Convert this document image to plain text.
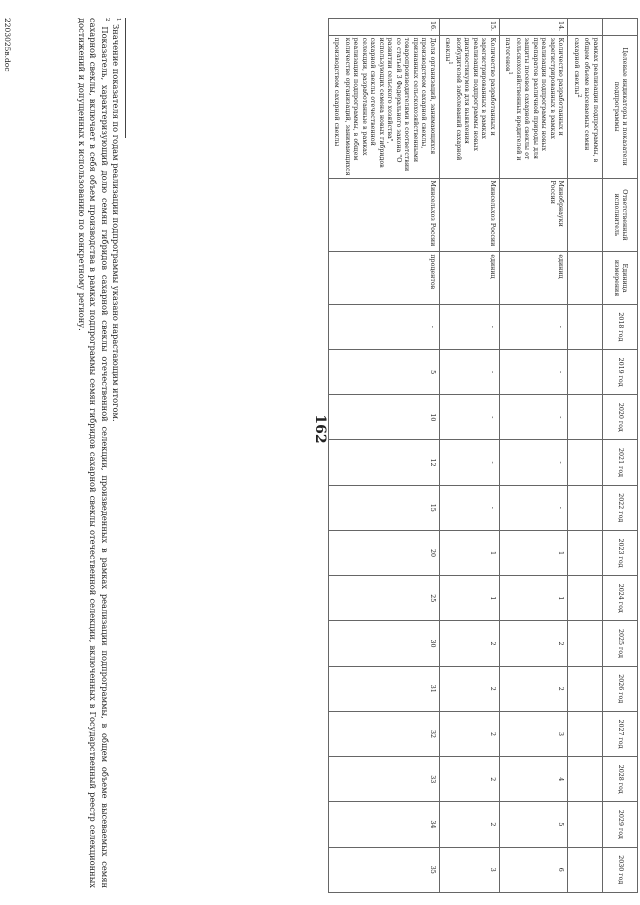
162
	Целевые индикаторы и показатели подпрограммы	Ответственный исполнитель	Единица измерения	2018 год	2019 год	2020 год	2021 год	2022 год	2023 год	2024 год	2025 год	2026 год	2027 год	2028 год	2029 год	2030 год
	рамках реализации подпрограммы, в общем объеме высеваемых семян сахарной свеклы$^2$															
14.	Количество разработанных и зарегистрированных в рамках реализации подпрограммы новых препаратов различной природы для защиты посевов сахарной свеклы от сельскохозяйственных вредителей и патогенов$^1$	Минобрнауки России	единиц	-	-	-	-	-	1	1	2	2	3	4	5	6
15.	Количество разработанных и зарегистрированных в рамках реализации подпрограммы новых диагностикумов для выявления возбудителей заболеваний сахарной свеклы$^1$	Минсельхоз России	единиц	-	-	-	-	-	1	1	2	2	2	2	2	3
16.	Доля организаций, занимающихся производством сахарной свеклы, признанных сельскохозяйственными товаропроизводителями в соответствии со статьей 3 Федерального закона "О развитии сельского хозяйства", использующих семена новых гибридов сахарной свеклы отечественной селекции, разработанные в рамках реализации подпрограммы, в общем количестве организаций, занимающихся производством сахарной свеклы	Минсельхоз России	процентов	-	5	10	12	15	20	25	30	31	32	33	34	35

$^1$ Значение показателя по годам реализации подпрограммы указано нарастающим итогом.

$^2$ Показатель, характеризующий долю семян гибридов сахарной свеклы отечественной селекции, произведенных в рамках реализации подпрограммы, в общем объеме высеваемых семян сахарной свеклы, включает в себя объем производства в рамках подпрограммы семян гибридов сахарной свеклы отечественной селекции, включенных в Государственный реестр селекционных достижений и допущенных к использованию по конкретному региону.

2203025в.doc
